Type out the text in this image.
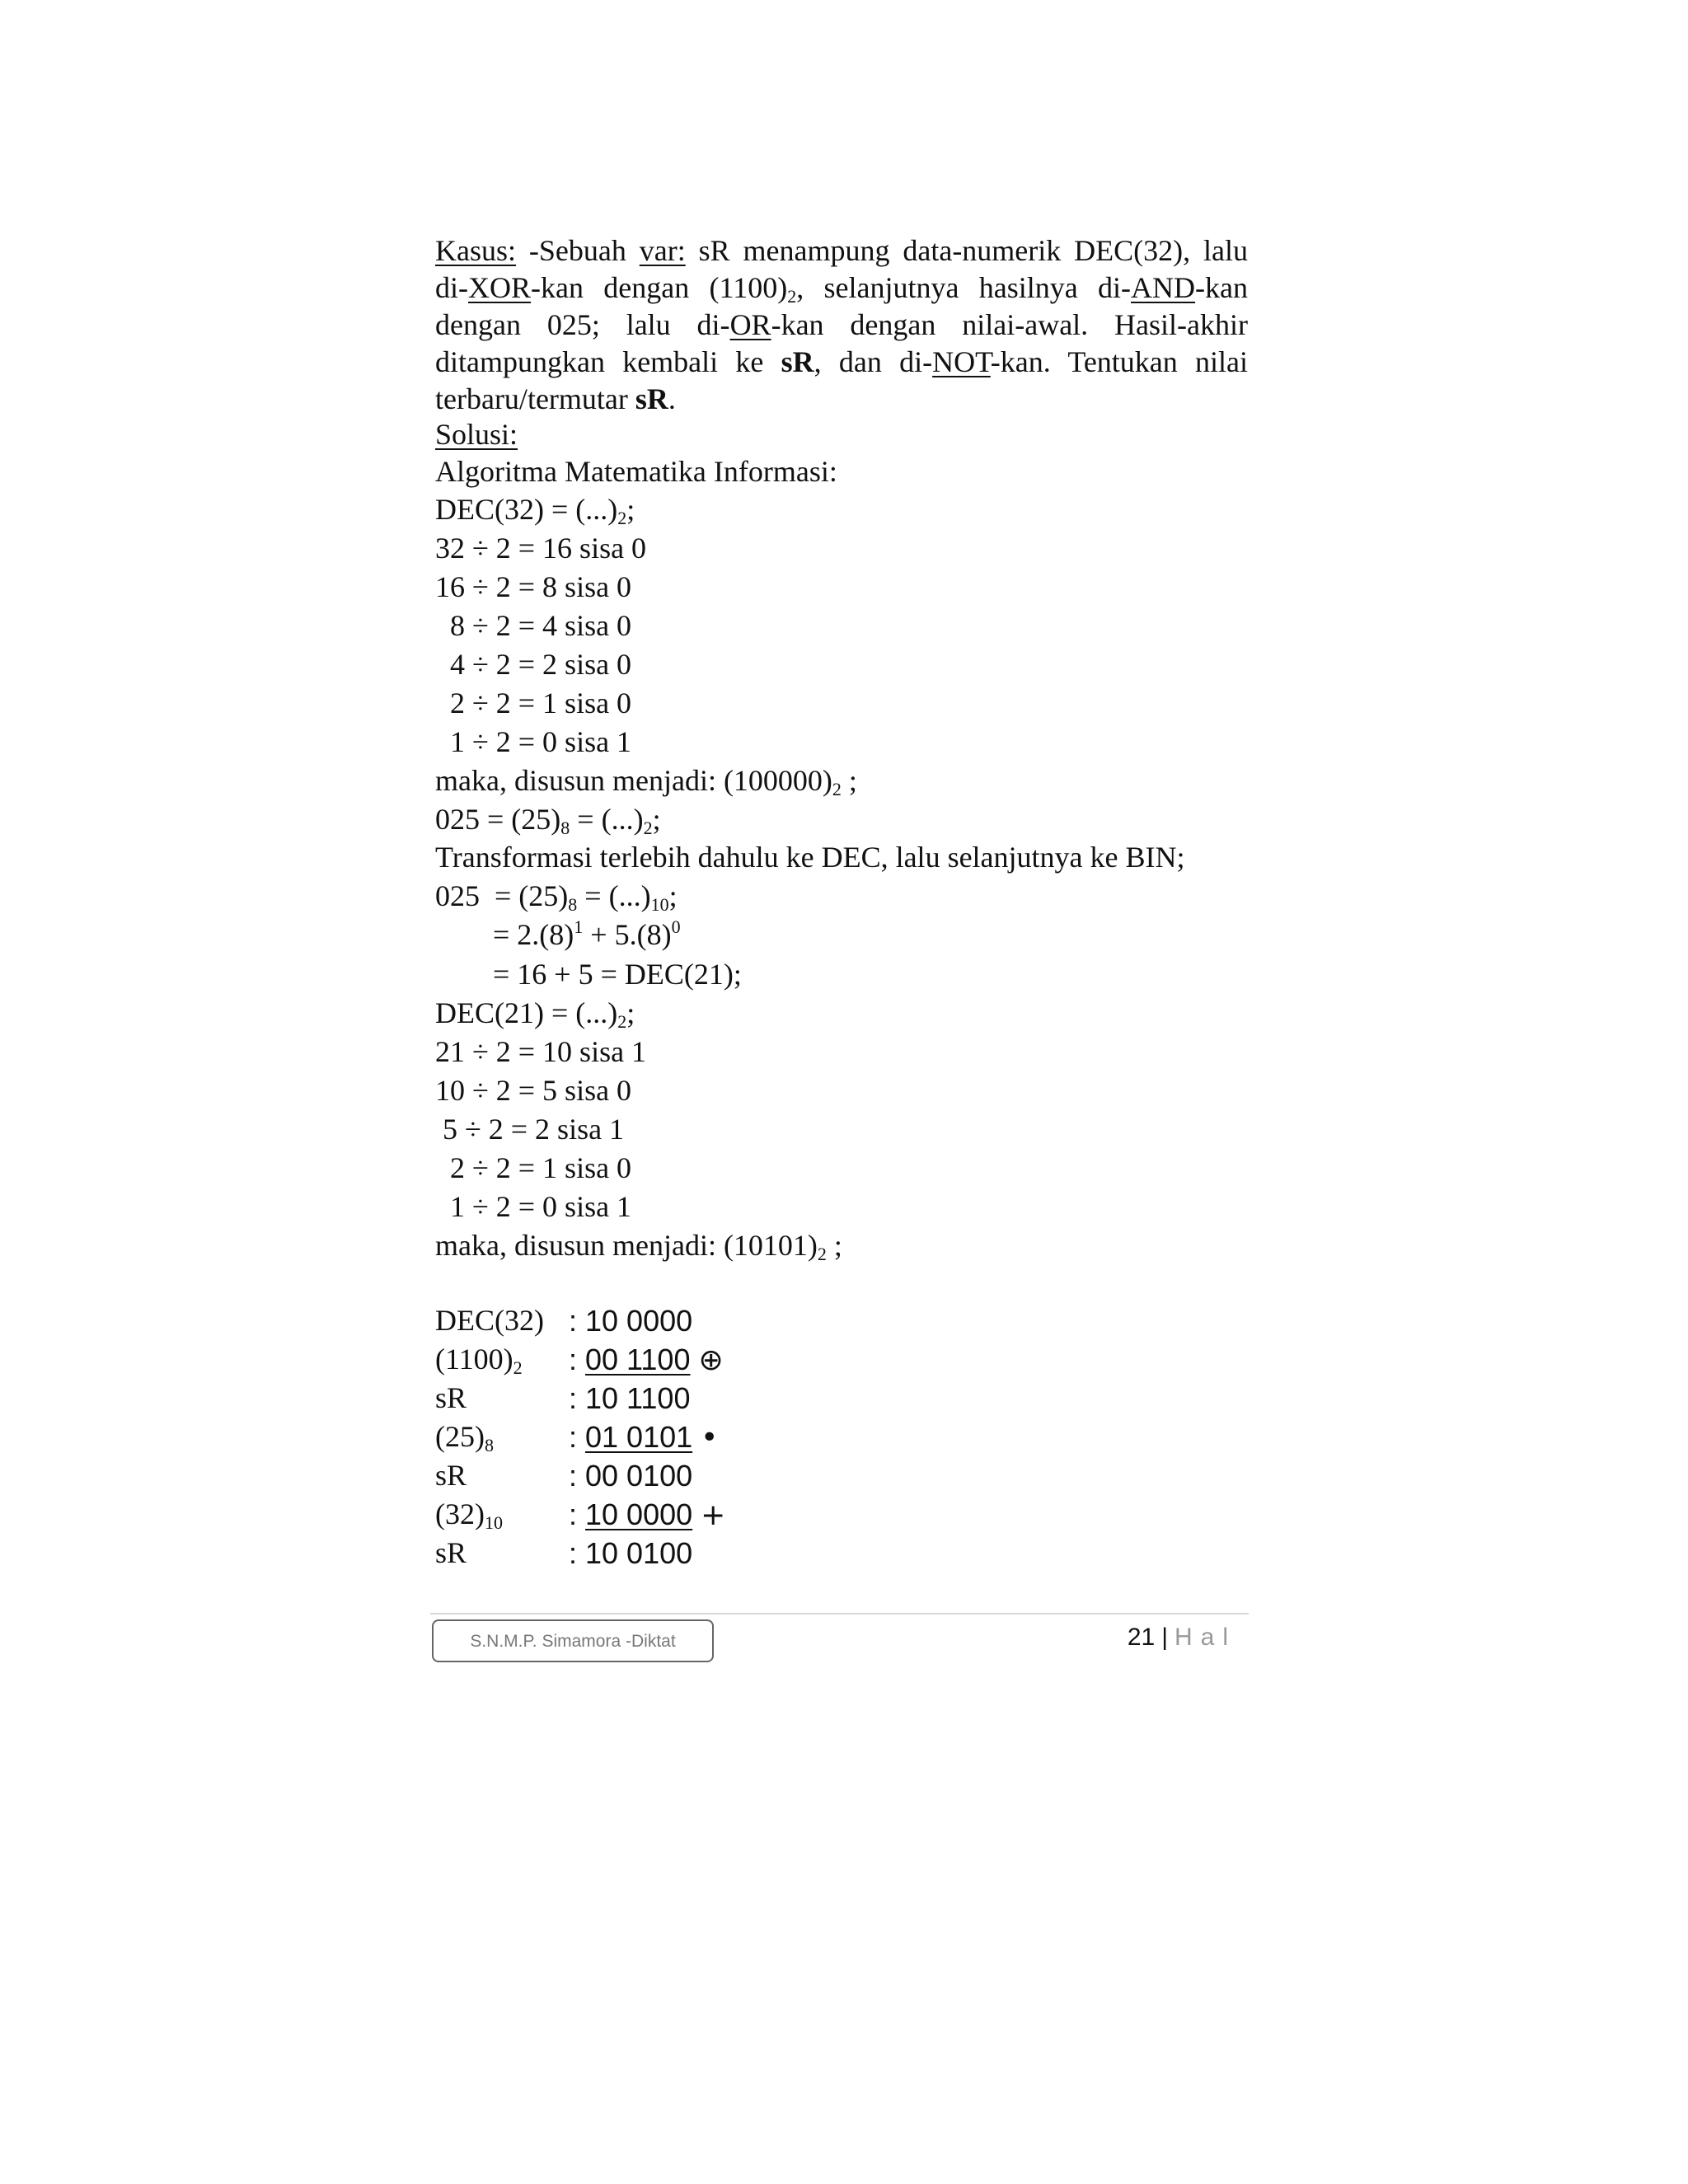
Kasus: -Sebuah var: sR menampung data-numerik DEC(32), lalu di-XOR-kan dengan $(1100)_2$, selanjutnya hasilnya di-AND-kan dengan 025; lalu di-OR-kan dengan nilai-awal. Hasil-akhir ditampungkan kembali ke sR, dan di-NOT-kan. Tentukan nilai terbaru/termutar sR.
Solusi:
Algoritma Matematika Informasi:
$DEC(32) = (...)_2$;
32 ÷ 2 = 16 sisa 0
16 ÷ 2 = 8 sisa 0
8 ÷ 2 = 4 sisa 0
4 ÷ 2 = 2 sisa 0
2 ÷ 2 = 1 sisa 0
1 ÷ 2 = 0 sisa 1
maka, disusun menjadi: $(100000)_2$ ;
$025 = (25)_8 = (...)_2$;
Transformasi terlebih dahulu ke DEC, lalu selanjutnya ke BIN;
$025 = (25)_8 = (...)_{10}$;
= $2.(8)^1 + 5.(8)^0$
= 16 + 5 = DEC(21);
$DEC(21) = (...)_2$;
21 ÷ 2 = 10 sisa 1
10 ÷ 2 = 5 sisa 0
5 ÷ 2 = 2 sisa 1
2 ÷ 2 = 1 sisa 0
1 ÷ 2 = 0 sisa 1
maka, disusun menjadi: $(10101)_2$ ;
DEC(32) : 10 0000
$(1100)_2$ : 00 1100 ⊕
sR	: 10 1100
$(25)_8$	: 01 0101 •
sR	: 00 0100
$(32)_{10}$ : 10 0000 +
sR	: 10 0100
S.N.M.P. Simamora -Diktat	21 | Hal
